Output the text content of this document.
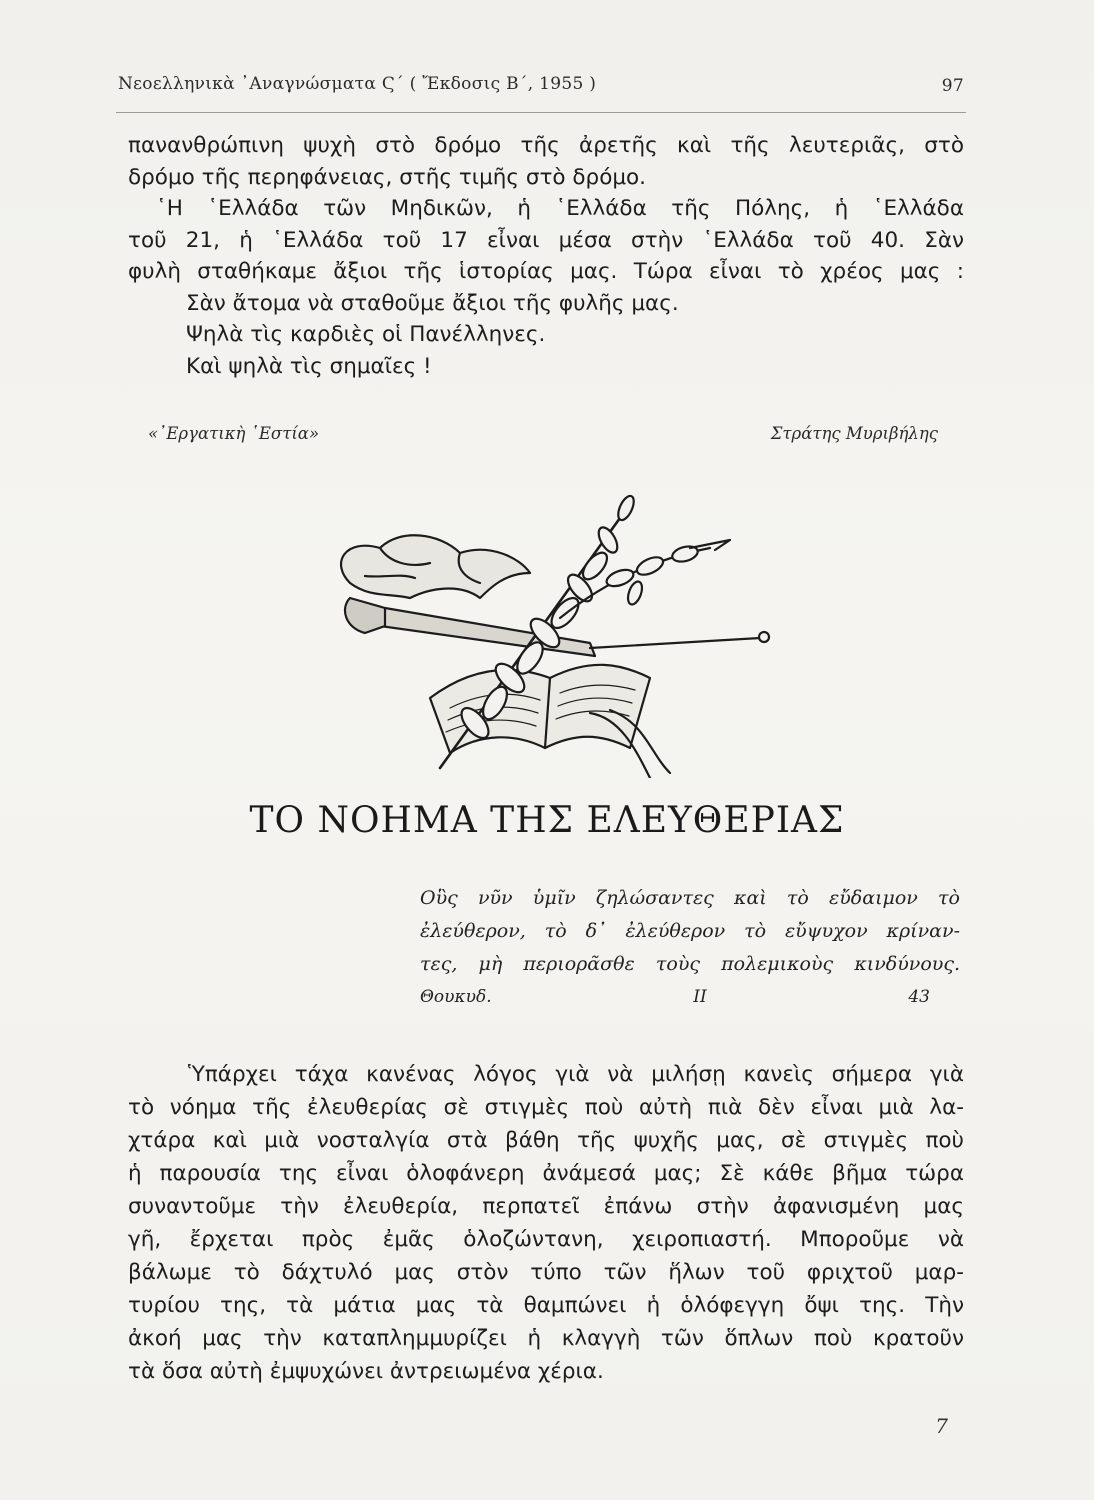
Νεοελληνικὰ ᾽Αναγνώσματα Ϛ΄ ( Ἔκδοσις Β΄, 1955 )	97
πανανθρώπινη ψυχὴ στὸ δρόμο τῆς ἀρετῆς καὶ τῆς λευτεριᾶς, στὸ
δρόμο τῆς περηφάνειας, στῆς τιμῆς στὸ δρόμο.
῾Η ῾Ελλάδα τῶν Μηδικῶν, ἡ ῾Ελλάδα τῆς Πόλης, ἡ ῾Ελλάδα
τοῦ 21, ἡ ῾Ελλάδα τοῦ 17 εἶναι μέσα στὴν ῾Ελλάδα τοῦ 40. Σὰν
φυλὴ σταθήκαμε ἄξιοι τῆς ἱστορίας μας. Τώρα εἶναι τὸ χρέος μας :
Σὰν ἄτομα νὰ σταθοῦμε ἄξιοι τῆς φυλῆς μας.
Ψηλὰ τὶς καρδιὲς οἱ Πανέλληνες.
Καὶ ψηλὰ τὶς σημαῖες !
«᾽Εργατικὴ ῾Εστία»	Στράτης Μυριβήλης
ΤΟ ΝΟΗΜΑ ΤΗΣ ΕΛΕΥΘΕΡΙΑΣ
Οὓς νῦν ὑμῖν ζηλώσαντες καὶ τὸ εὔδαιμον τὸ
ἐλεύθερον, τὸ δ᾽ ἐλεύθερον τὸ εὔψυχον κρίναν-
τες, μὴ περιορᾶσθε τοὺς πολεμικοὺς κινδύνους.
Θουκυδ. ΙΙ 43
Ὑπάρχει τάχα κανένας λόγος γιὰ νὰ μιλήσῃ κανεὶς σήμερα γιὰ
τὸ νόημα τῆς ἐλευθερίας σὲ στιγμὲς ποὺ αὐτὴ πιὰ δὲν εἶναι μιὰ λα-
χτάρα καὶ μιὰ νοσταλγία στὰ βάθη τῆς ψυχῆς μας, σὲ στιγμὲς ποὺ
ἡ παρουσία της εἶναι ὁλοφάνερη ἀνάμεσά μας; Σὲ κάθε βῆμα τώρα
συναντοῦμε τὴν ἐλευθερία, περπατεῖ ἐπάνω στὴν ἀφανισμένη μας
γῆ, ἔρχεται πρὸς ἐμᾶς ὁλοζώντανη, χειροπιαστή. Μποροῦμε νὰ
βάλωμε τὸ δάχτυλό μας στὸν τύπο τῶν ἥλων τοῦ φριχτοῦ μαρ-
τυρίου της, τὰ μάτια μας τὰ θαμπώνει ἡ ὁλόφεγγη ὄψι της. Τὴν
ἀκοή μας τὴν καταπλημμυρίζει ἡ κλαγγὴ τῶν ὅπλων ποὺ κρατοῦν
τὰ ὅσα αὐτὴ ἐμψυχώνει ἀντρειωμένα χέρια.
7
